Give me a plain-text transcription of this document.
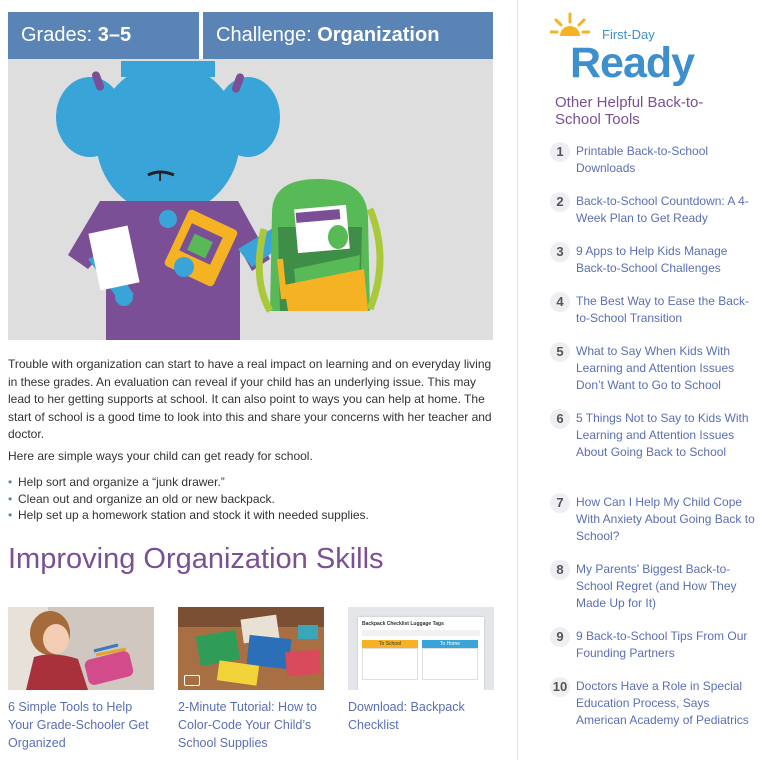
Grades: 3–5	Challenge: Organization

Trouble with organization can start to have a real impact on learning and on everyday living in these grades. An evaluation can reveal if your child has an underlying issue. This may lead to her getting supports at school. It can also point to ways you can help at home. The start of school is a good time to look into this and share your concerns with her teacher and doctor.

Here are simple ways your child can get ready for school.

• Help sort and organize a “junk drawer.”
• Clean out and organize an old or new backpack.
• Help set up a homework station and stock it with needed supplies.
Improving Organization Skills
6 Simple Tools to Help Your Grade-Schooler Get Organized
2-Minute Tutorial: How to Color-Code Your Child’s School Supplies
Backpack Checklist Luggage Tags
To School	To Home
Download: Backpack Checklist
First-Day
Ready
Other Helpful Back-to-School Tools
1	Printable Back-to-School Downloads
2	Back-to-School Countdown: A 4-Week Plan to Get Ready
3	9 Apps to Help Kids Manage Back-to-School Challenges
4	The Best Way to Ease the Back-to-School Transition
5	What to Say When Kids With Learning and Attention Issues Don’t Want to Go to School
6	5 Things Not to Say to Kids With Learning and Attention Issues About Going Back to School
7	How Can I Help My Child Cope With Anxiety About Going Back to School?
8	My Parents’ Biggest Back-to-School Regret (and How They Made Up for It)
9	9 Back-to-School Tips From Our Founding Partners
10 Doctors Have a Role in Special Education Process, Says American Academy of Pediatrics
